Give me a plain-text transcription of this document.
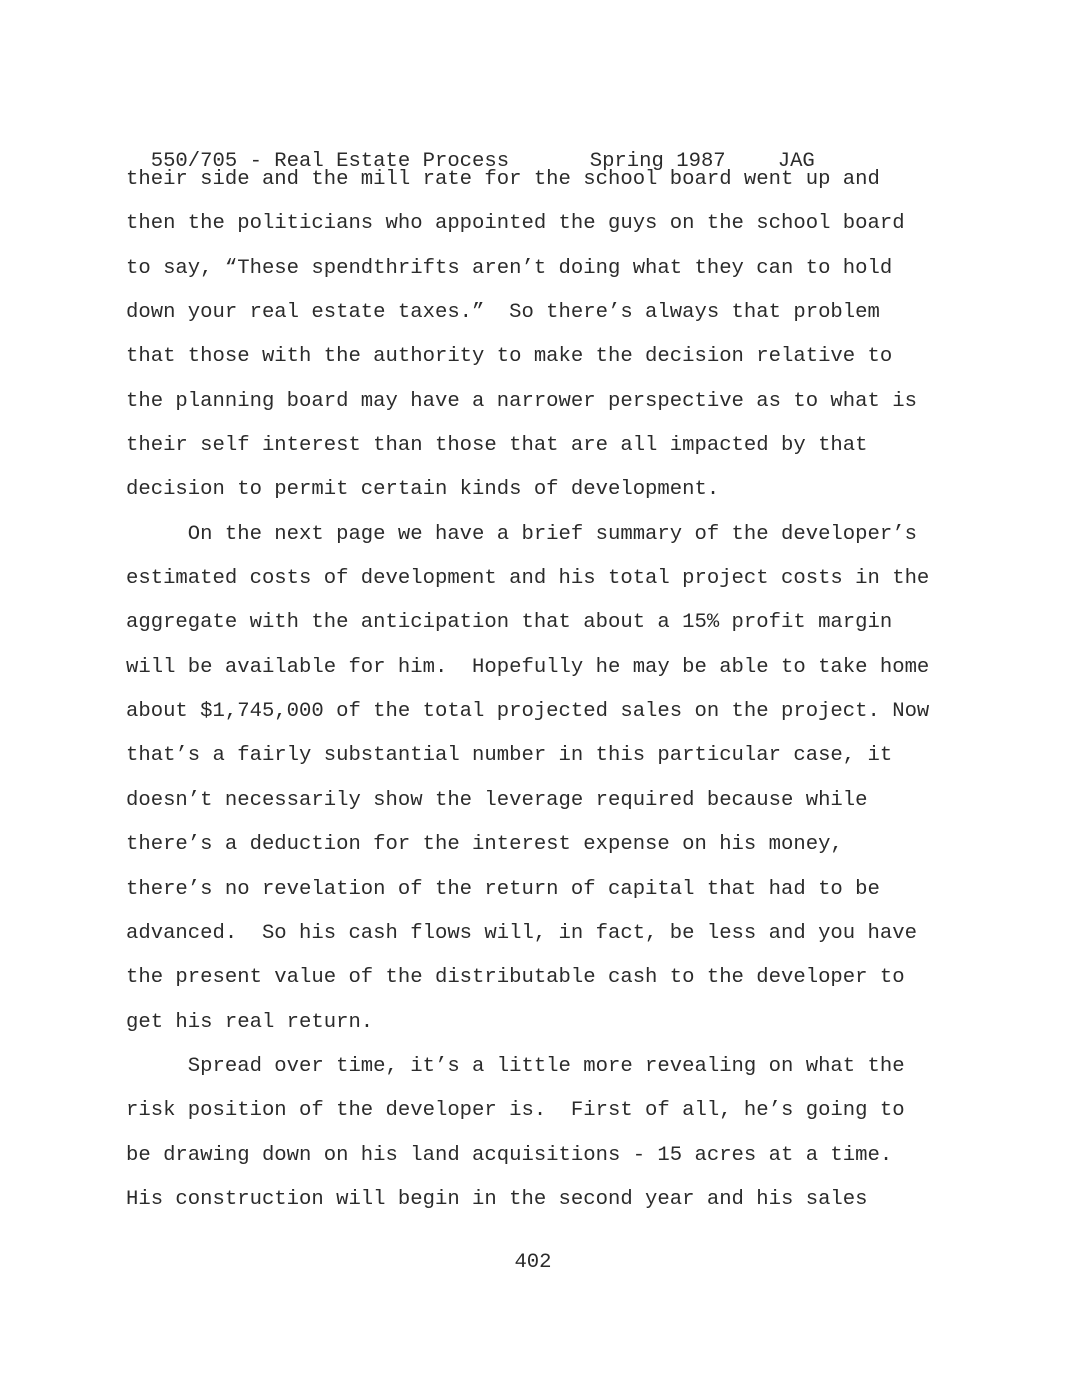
550/705 - Real Estate Process	Spring 1987	JAG

their side and the mill rate for the school board went up and
then the politicians who appointed the guys on the school board
to say, “These spendthrifts aren’t doing what they can to hold
down your real estate taxes.”  So there’s always that problem
that those with the authority to make the decision relative to
the planning board may have a narrower perspective as to what is
their self interest than those that are all impacted by that
decision to permit certain kinds of development.
On the next page we have a brief summary of the developer’s
estimated costs of development and his total project costs in the
aggregate with the anticipation that about a 15% profit margin
will be available for him.  Hopefully he may be able to take home
about $1,745,000 of the total projected sales on the project. Now
that’s a fairly substantial number in this particular case, it
doesn’t necessarily show the leverage required because while
there’s a deduction for the interest expense on his money,
there’s no revelation of the return of capital that had to be
advanced.  So his cash flows will, in fact, be less and you have
the present value of the distributable cash to the developer to
get his real return.
Spread over time, it’s a little more revealing on what the
risk position of the developer is.  First of all, he’s going to
be drawing down on his land acquisitions - 15 acres at a time.
His construction will begin in the second year and his sales
402
